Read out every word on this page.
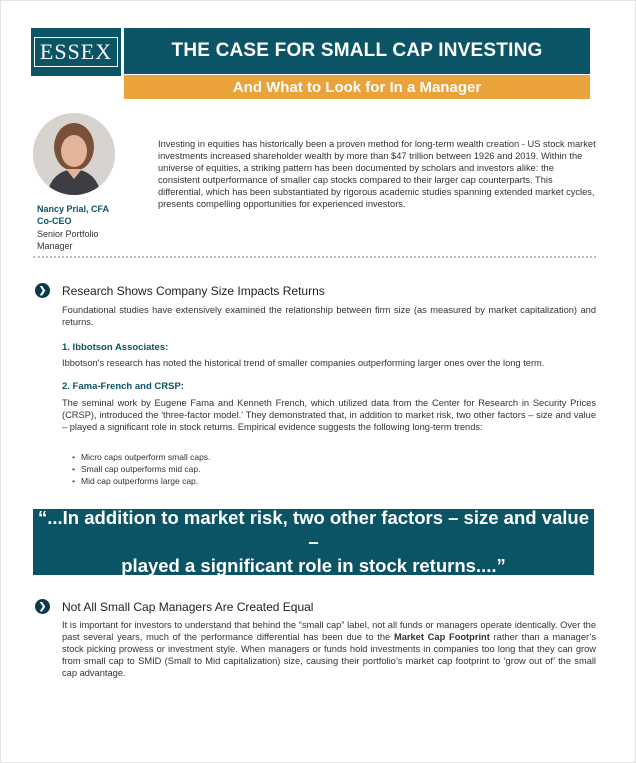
ESSEX	THE CASE FOR SMALL CAP INVESTING
And What to Look for In a Manager
Nancy Prial, CFA
Co-CEO
Senior Portfolio Manager
Investing in equities has historically been a proven method for long-term wealth creation - US stock market investments increased shareholder wealth by more than $47 trillion between 1926 and 2019. Within the universe of equities, a striking pattern has been documented by scholars and investors alike: the consistent outperformance of smaller cap stocks compared to their larger cap counterparts. This differential, which has been substantiated by rigorous academic studies spanning extended market cycles, presents compelling opportunities for experienced investors.
❯	Research Shows Company Size Impacts Returns
Foundational studies have extensively examined the relationship between firm size (as measured by market capitalization) and returns.
1. Ibbotson Associates:
Ibbotson's research has noted the historical trend of smaller companies outperforming larger ones over the long term.
2. Fama-French and CRSP:
The seminal work by Eugene Fama and Kenneth French, which utilized data from the Center for Research in Security Prices (CRSP), introduced the 'three-factor model.' They demonstrated that, in addition to market risk, two other factors – size and value – played a significant role in stock returns. Empirical evidence suggests the following long-term trends:
• Micro caps outperform small caps.
• Small cap outperforms mid cap.
• Mid cap outperforms large cap.
“...In addition to market risk, two other factors – size and value –
played a significant role in stock returns....”
❯	Not All Small Cap Managers Are Created Equal
It is important for investors to understand that behind the “small cap” label, not all funds or managers operate identically. Over the past several years, much of the performance differential has been due to the Market Cap Footprint rather than a manager’s stock picking prowess or investment style. When managers or funds hold investments in companies too long that they can grow from small cap to SMID (Small to Mid capitalization) size, causing their portfolio’s market cap footprint to ‘grow out of’ the small cap advantage.
